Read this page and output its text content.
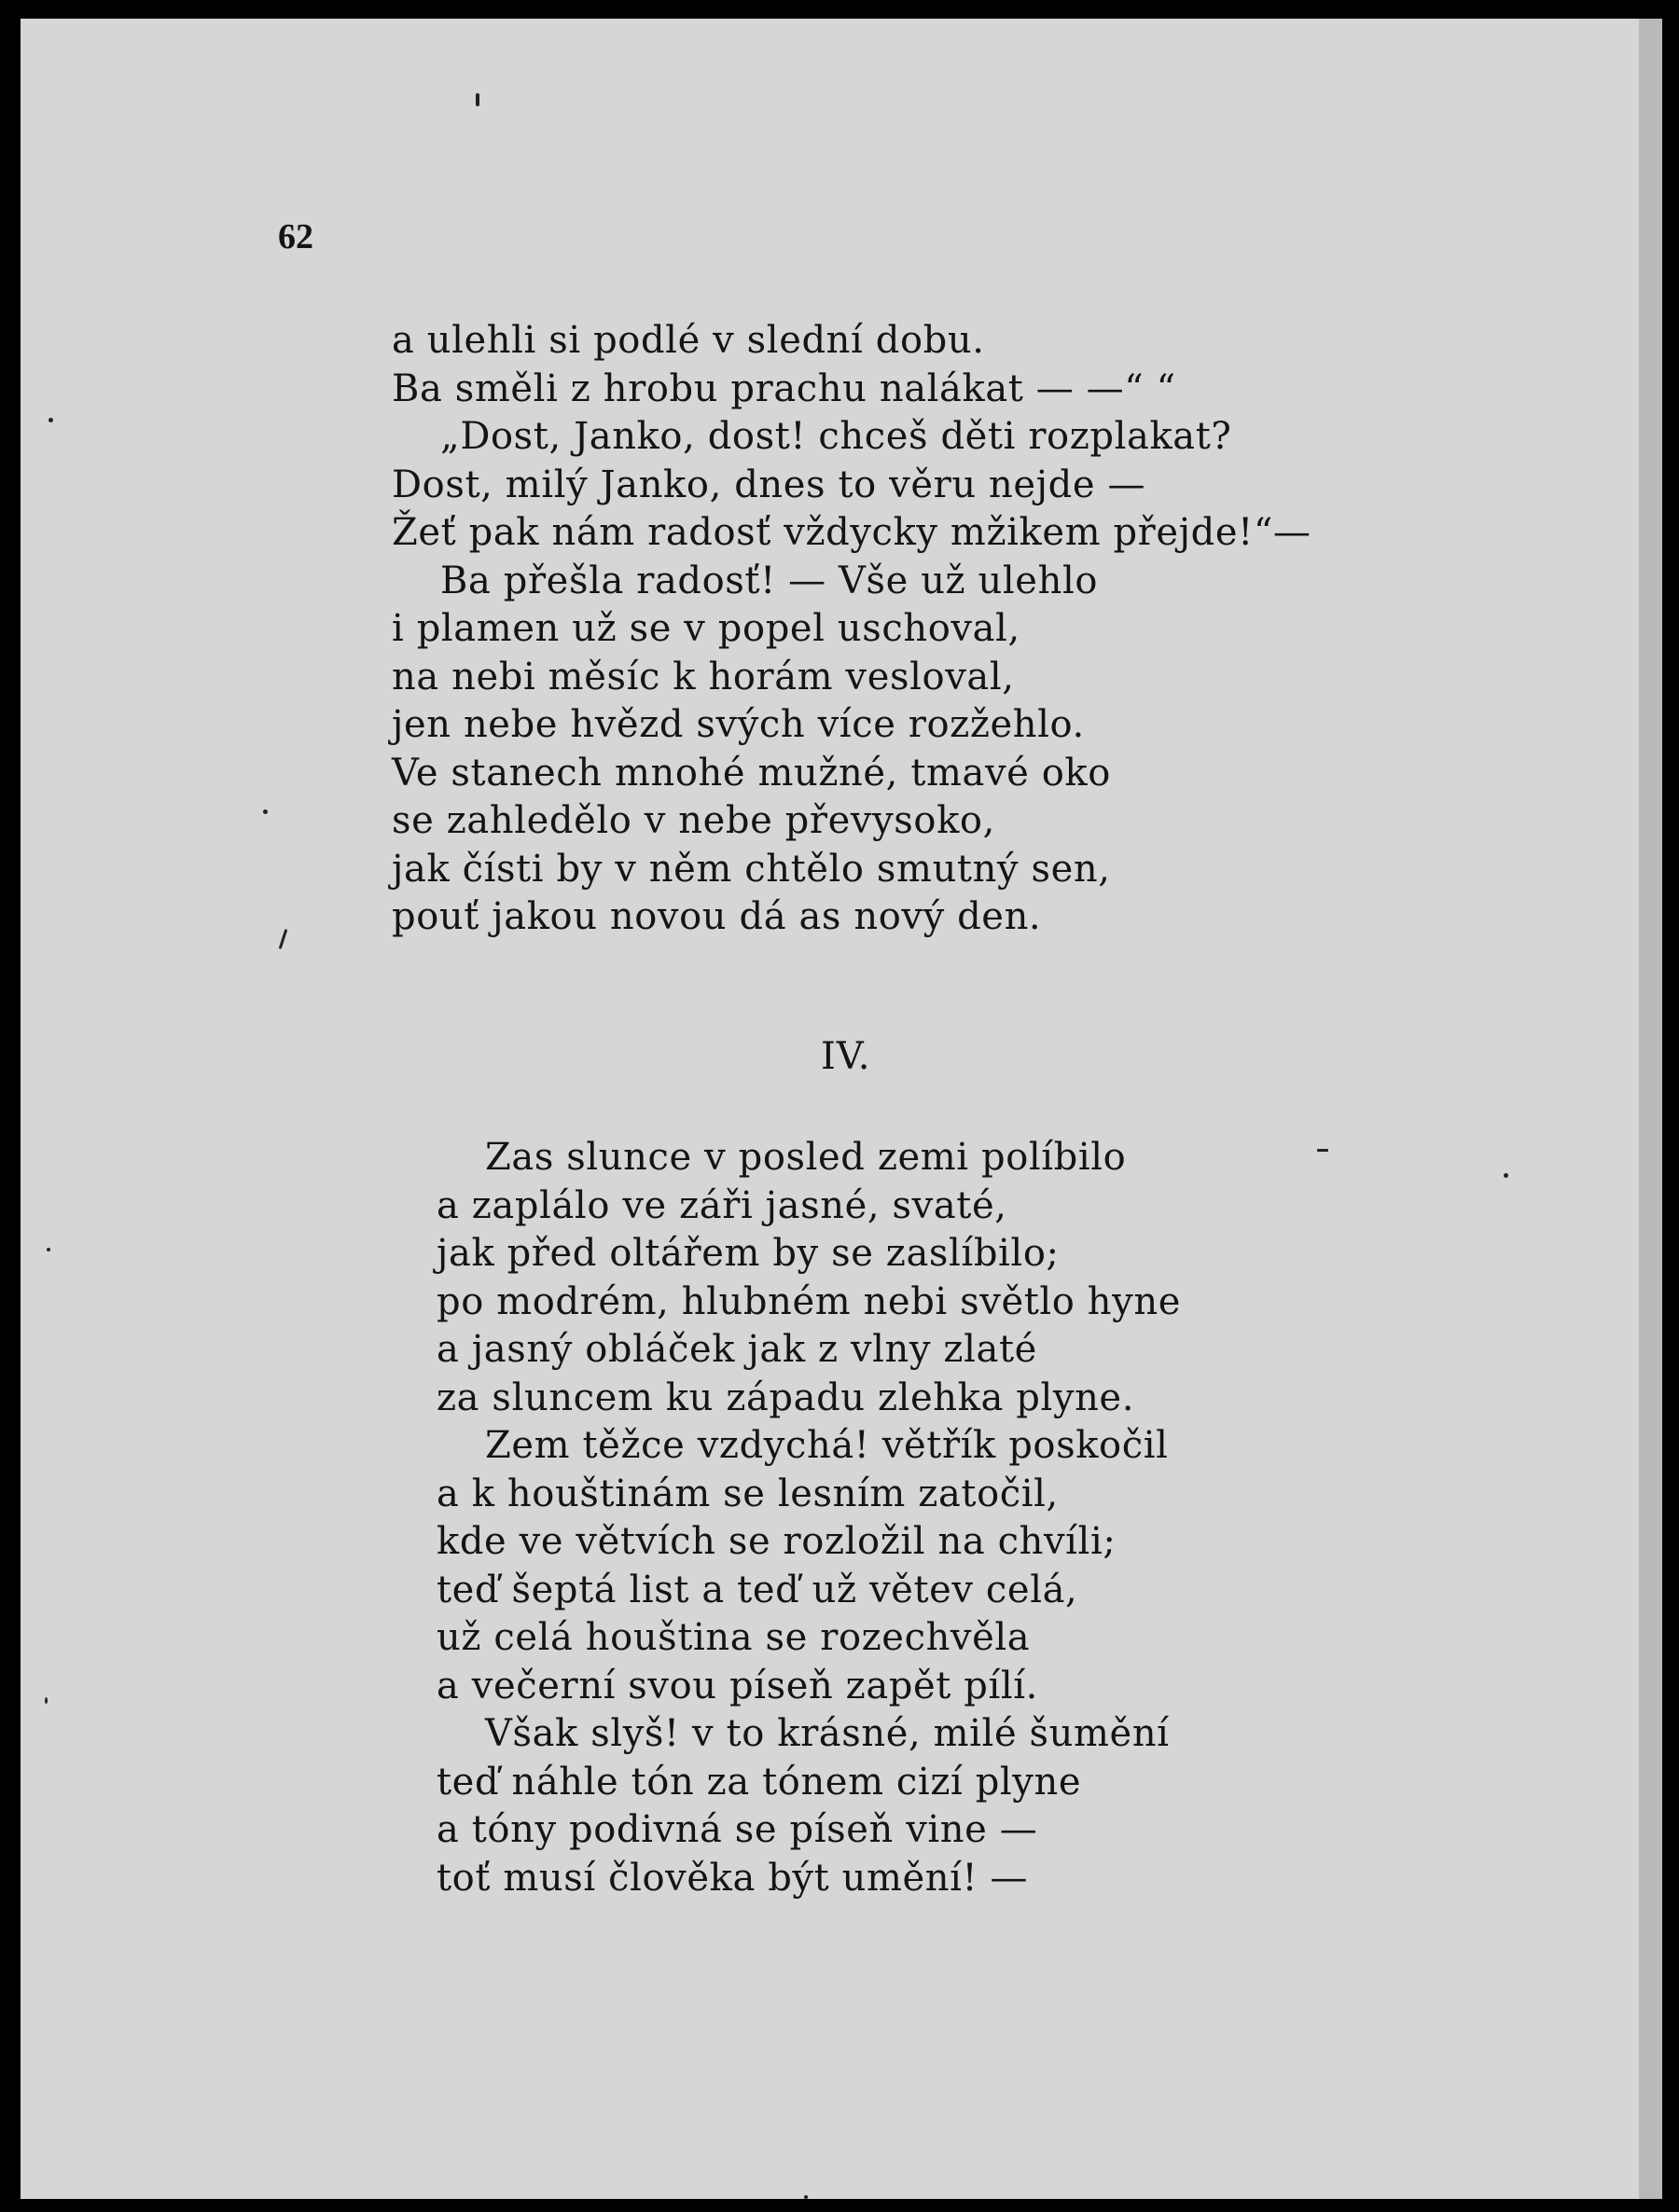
62

a ulehli si podlé v slední dobu.
Ba směli z hrobu prachu nalákat — —“ “
„Dost, Janko, dost! chceš děti rozplakat?
Dost, milý Janko, dnes to věru nejde —
Žeť pak nám radosť vždycky mžikem přejde!“—
Ba přešla radosť! — Vše už ulehlo
i plamen už se v popel uschoval,
na nebi měsíc k horám vesloval,
jen nebe hvězd svých více rozžehlo.
Ve stanech mnohé mužné, tmavé oko
se zahledělo v nebe převysoko,
jak čísti by v něm chtělo smutný sen,
pouť jakou novou dá as nový den.

IV.

Zas slunce v posled zemi políbilo
a zaplálo ve záři jasné, svaté,
jak před oltářem by se zaslíbilo;
po modrém, hlubném nebi světlo hyne
a jasný obláček jak z vlny zlaté
za sluncem ku západu zlehka plyne.
Zem těžce vzdychá! větřík poskočil
a k houštinám se lesním zatočil,
kde ve větvích se rozložil na chvíli;
teď šeptá list a teď už větev celá,
už celá houština se rozechvěla
a večerní svou píseň zapět pílí.
Však slyš! v to krásné, milé šumění
teď náhle tón za tónem cizí plyne
a tóny podivná se píseň vine —
toť musí člověka být umění! —
